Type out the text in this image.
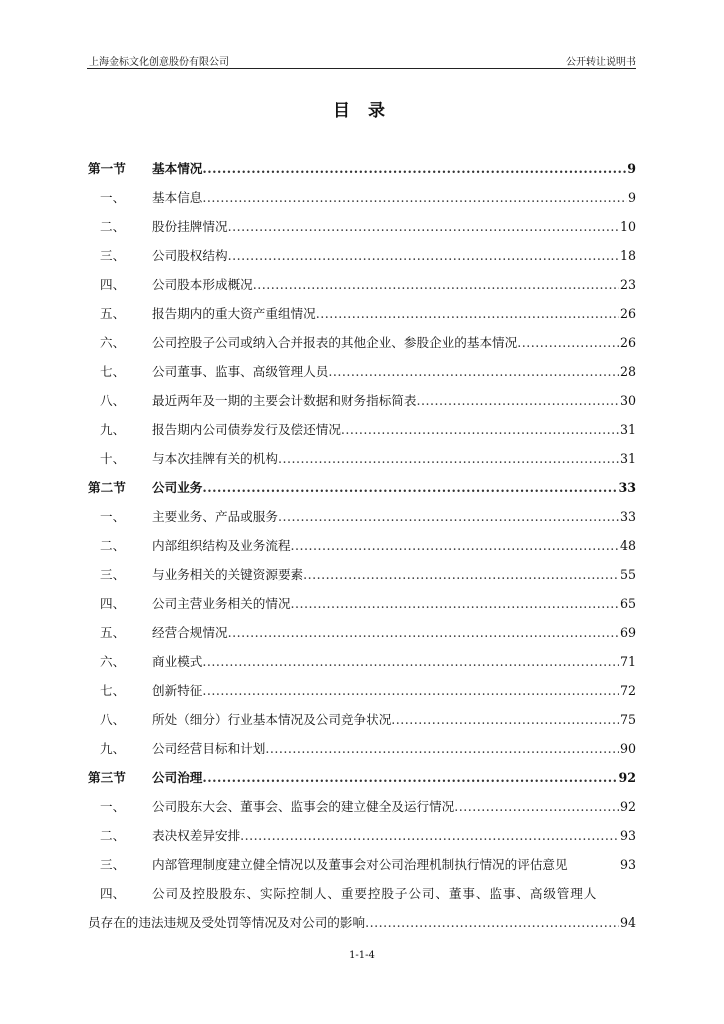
上海金标文化创意股份有限公司	公开转让说明书
目 录
第一节	基本情况 .....	9
一、	基本信息 .....	9
二、	股份挂牌情况 .....	10
三、	公司股权结构 .....	18
四、	公司股本形成概况 .....	23
五、	报告期内的重大资产重组情况 .....	26
六、	公司控股子公司或纳入合并报表的其他企业、参股企业的基本情况 .....	26
七、	公司董事、监事、高级管理人员 .....	28
八、	最近两年及一期的主要会计数据和财务指标简表 .....	30
九、	报告期内公司债券发行及偿还情况 .....	31
十、	与本次挂牌有关的机构 .....	31
第二节	公司业务 .....	33
一、	主要业务、产品或服务 .....	33
二、	内部组织结构及业务流程 .....	48
三、	与业务相关的关键资源要素 .....	55
四、	公司主营业务相关的情况 .....	65
五、	经营合规情况 .....	69
六、	商业模式 .....	71
七、	创新特征 .....	72
八、	所处（细分）行业基本情况及公司竞争状况 .....	75
九、	公司经营目标和计划 .....	90
第三节	公司治理 .....	92
一、	公司股东大会、董事会、监事会的建立健全及运行情况 .....	92
二、	表决权差异安排 .....	93
三、	内部管理制度建立健全情况以及董事会对公司治理机制执行情况的评估意见	93
四、	公司及控股股东、实际控制人、重要控股子公司、董事、监事、高级管理人
员存在的违法违规及受处罚等情况及对公司的影响 .....	94
1-1-4
